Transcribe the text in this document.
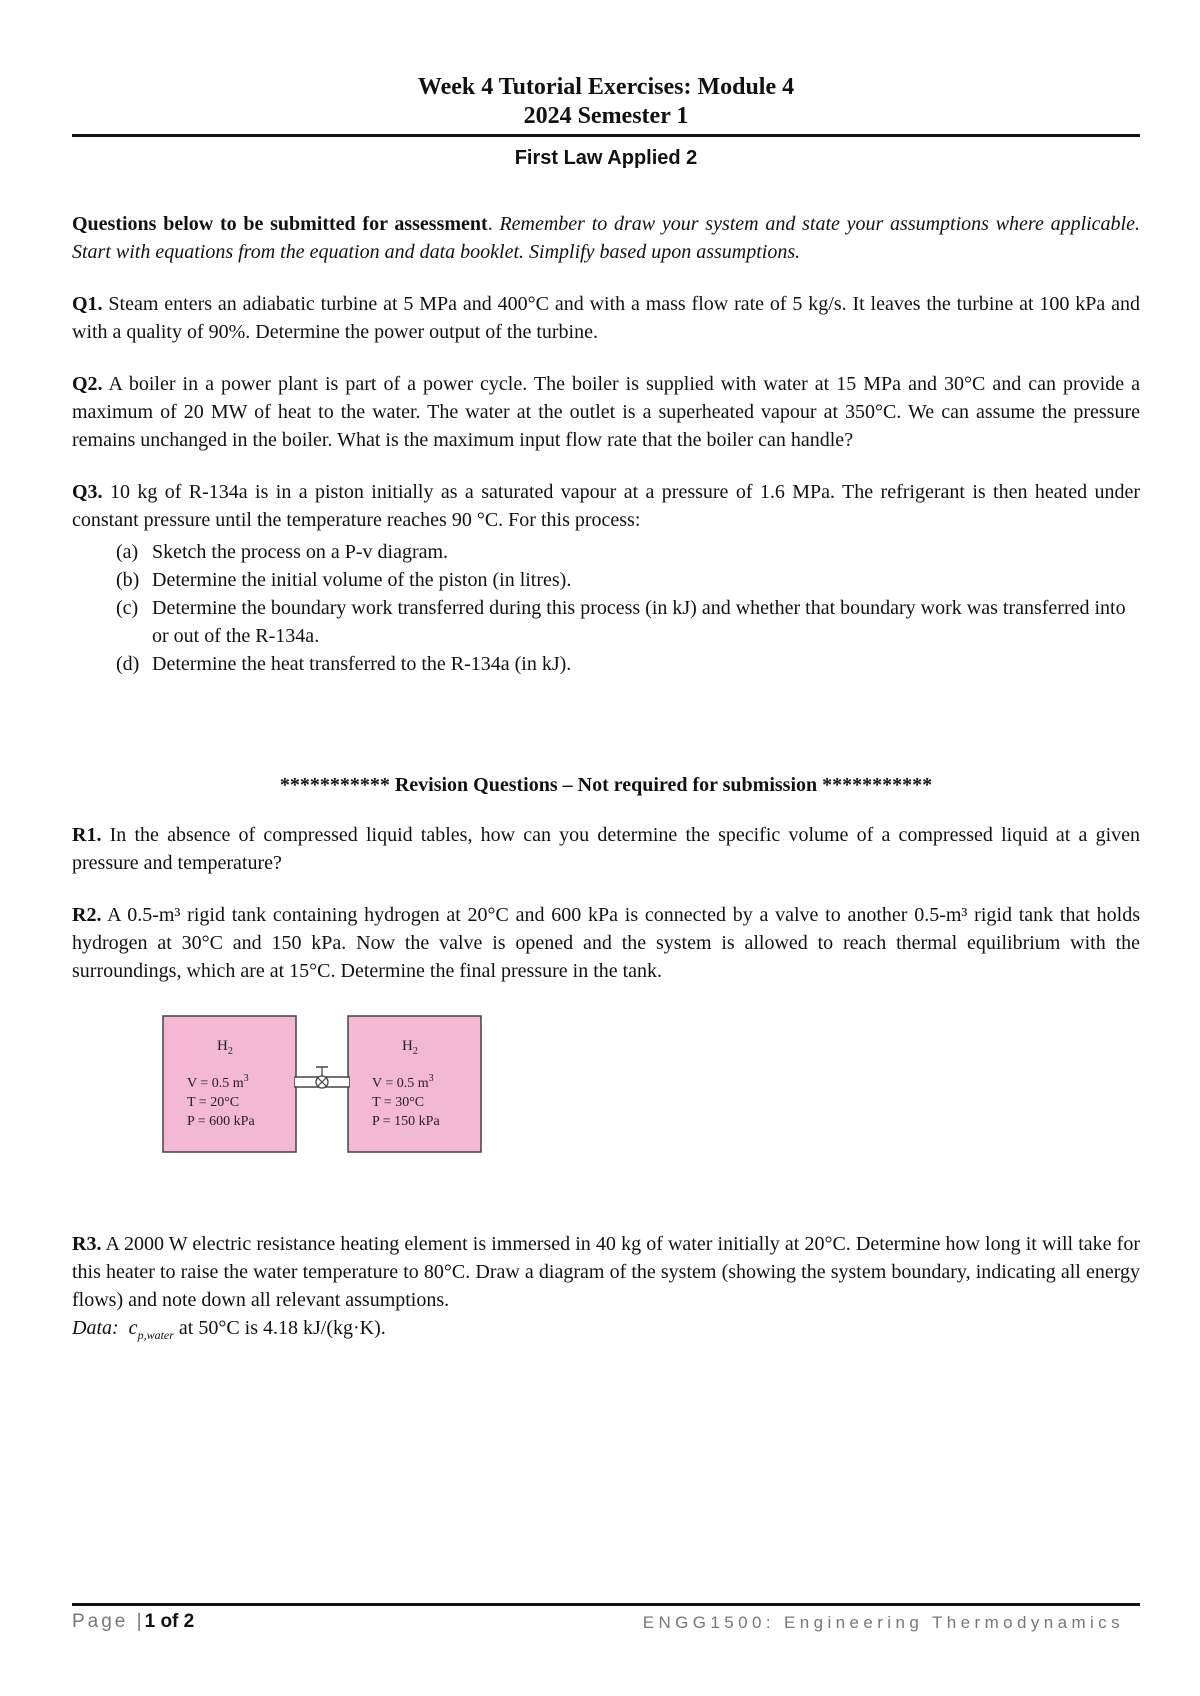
Week 4 Tutorial Exercises: Module 4
2024 Semester 1
First Law Applied 2

Questions below to be submitted for assessment. Remember to draw your system and state your assumptions where applicable. Start with equations from the equation and data booklet. Simplify based upon assumptions.

Q1. Steam enters an adiabatic turbine at 5 MPa and 400°C and with a mass flow rate of 5 kg/s. It leaves the turbine at 100 kPa and with a quality of 90%. Determine the power output of the turbine.

Q2. A boiler in a power plant is part of a power cycle. The boiler is supplied with water at 15 MPa and 30°C and can provide a maximum of 20 MW of heat to the water. The water at the outlet is a superheated vapour at 350°C. We can assume the pressure remains unchanged in the boiler. What is the maximum input flow rate that the boiler can handle?

Q3. 10 kg of R-134a is in a piston initially as a saturated vapour at a pressure of 1.6 MPa. The refrigerant is then heated under constant pressure until the temperature reaches 90 °C. For this process:

(a) Sketch the process on a P-v diagram.
(b) Determine the initial volume of the piston (in litres).
(c) Determine the boundary work transferred during this process (in kJ) and whether that boundary work was transferred into or out of the R-134a.
(d) Determine the heat transferred to the R-134a (in kJ).
*********** Revision Questions – Not required for submission ***********

R1. In the absence of compressed liquid tables, how can you determine the specific volume of a compressed liquid at a given pressure and temperature?

R2. A 0.5-m³ rigid tank containing hydrogen at 20°C and 600 kPa is connected by a valve to another 0.5-m³ rigid tank that holds hydrogen at 30°C and 150 kPa. Now the valve is opened and the system is allowed to reach thermal equilibrium with the surroundings, which are at 15°C. Determine the final pressure in the tank.

$H_2$
V = 0.5 $m^3$
T = 20°C
P = 600 kPa
$H_2$
V = 0.5 $m^3$
T = 30°C
P = 150 kPa

R3. A 2000 W electric resistance heating element is immersed in 40 kg of water initially at 20°C. Determine how long it will take for this heater to raise the water temperature to 80°C. Draw a diagram of the system (showing the system boundary, indicating all energy flows) and note down all relevant assumptions.

Data: $c_{p,water}$ at 50°C is 4.18 kJ/(kg·K).

Page |1 of 2	ENGG1500: Engineering Thermodynamics
